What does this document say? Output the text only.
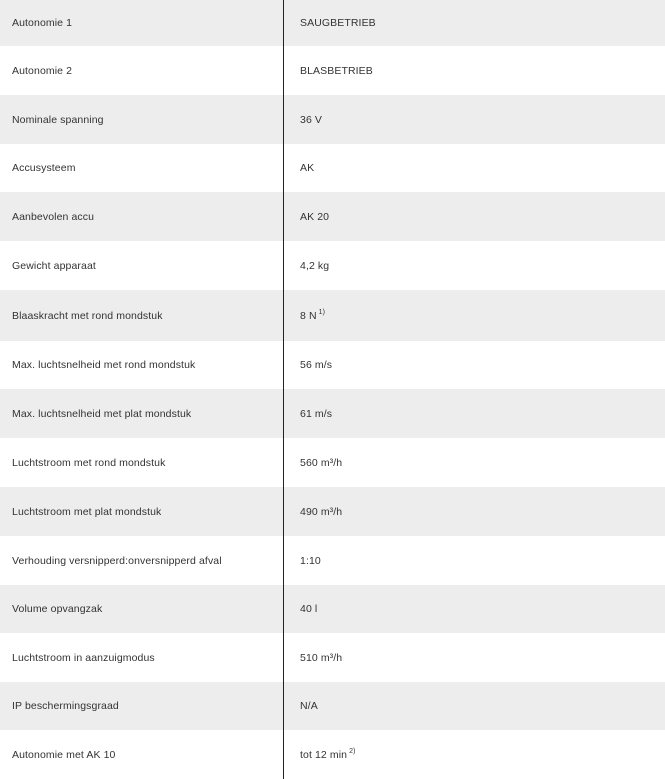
Autonomie 1	SAUGBETRIEB
Autonomie 2	BLASBETRIEB
Nominale spanning	36 V
Accusysteem	AK
Aanbevolen accu	AK 20
Gewicht apparaat	4,2 kg
Blaaskracht met rond mondstuk	8 N $^{1)}$
Max. luchtsnelheid met rond mondstuk	56 m/s
Max. luchtsnelheid met plat mondstuk	61 m/s
Luchtstroom met rond mondstuk	560 m³/h
Luchtstroom met plat mondstuk	490 m³/h
Verhouding versnipperd:onversnipperd afval	1:10
Volume opvangzak	40 l
Luchtstroom in aanzuigmodus	510 m³/h
IP beschermingsgraad	N/A
Autonomie met AK 10	tot 12 min $^{2)}$
